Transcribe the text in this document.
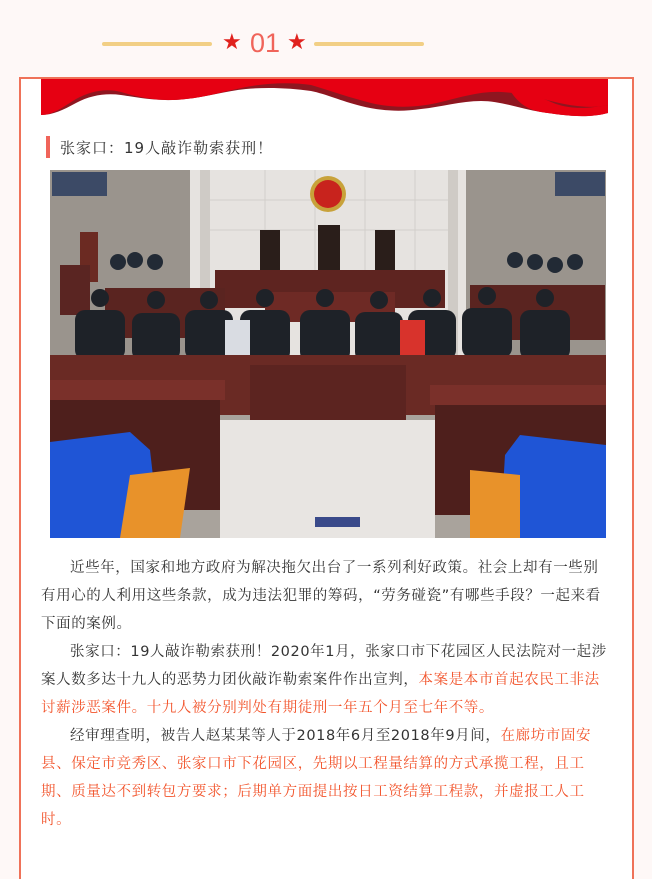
★ 01 ★
张家口：19人敲诈勒索获刑！

近些年，国家和地方政府为解决拖欠出台了一系列利好政策。社会上却有一些别有用心的人利用这些条款，成为违法犯罪的筹码，“劳务碰瓷”有哪些手段？一起来看下面的案例。

张家口：19人敲诈勒索获刑！2020年1月，张家口市下花园区人民法院对一起涉案人数多达十九人的恶势力团伙敲诈勒索案件作出宣判，本案是本市首起农民工非法讨薪涉恶案件。十九人被分别判处有期徒刑一年五个月至七年不等。

经审理查明，被告人赵某某等人于2018年6月至2018年9月间，在廊坊市固安县、保定市竞秀区、张家口市下花园区，先期以工程量结算的方式承揽工程，且工期、质量达不到转包方要求；后期单方面提出按日工资结算工程款，并虚报工人工时。
